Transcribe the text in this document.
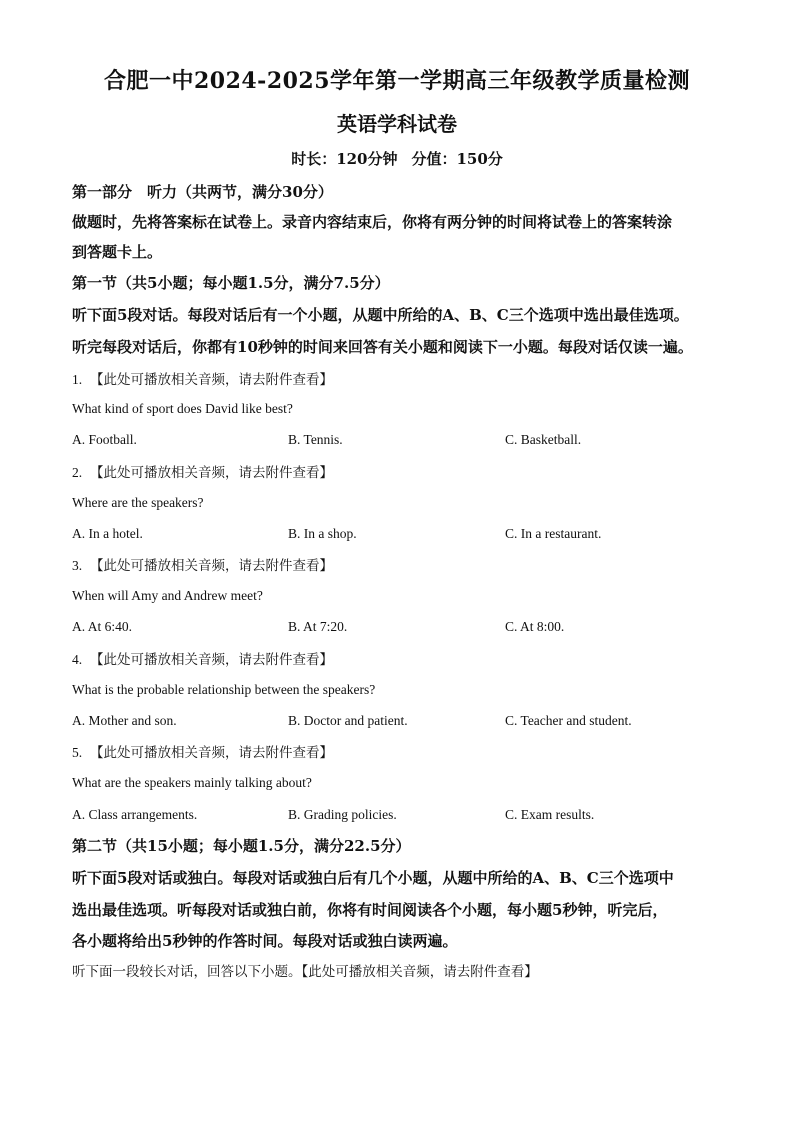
合肥一中2024-2025学年第一学期高三年级教学质量检测
英语学科试卷
时长：120分钟 分值：150分
第一部分　听力（共两节，满分30分）
做题时，先将答案标在试卷上。录音内容结束后，你将有两分钟的时间将试卷上的答案转涂
到答题卡上。
第一节（共5小题；每小题1.5分，满分7.5分）
听下面5段对话。每段对话后有一个小题，从题中所给的A、B、C三个选项中选出最佳选项。
听完每段对话后，你都有10秒钟的时间来回答有关小题和阅读下一小题。每段对话仅读一遍。
1. 【此处可播放相关音频，请去附件查看】
What kind of sport does David like best?
A. Football.	B. Tennis.	C. Basketball.
2. 【此处可播放相关音频，请去附件查看】
Where are the speakers?
A. In a hotel.	B. In a shop.	C. In a restaurant.
3. 【此处可播放相关音频，请去附件查看】
When will Amy and Andrew meet?
A. At 6:40.	B. At 7:20.	C. At 8:00.
4. 【此处可播放相关音频，请去附件查看】
What is the probable relationship between the speakers?
A. Mother and son.	B. Doctor and patient.	C. Teacher and student.
5. 【此处可播放相关音频，请去附件查看】
What are the speakers mainly talking about?
A. Class arrangements.	B. Grading policies.	C. Exam results.
第二节（共15小题；每小题1.5分，满分22.5分）
听下面5段对话或独白。每段对话或独白后有几个小题，从题中所给的A、B、C三个选项中
选出最佳选项。听每段对话或独白前，你将有时间阅读各个小题，每小题5秒钟，听完后，
各小题将给出5秒钟的作答时间。每段对话或独白读两遍。
听下面一段较长对话，回答以下小题。【此处可播放相关音频，请去附件查看】
